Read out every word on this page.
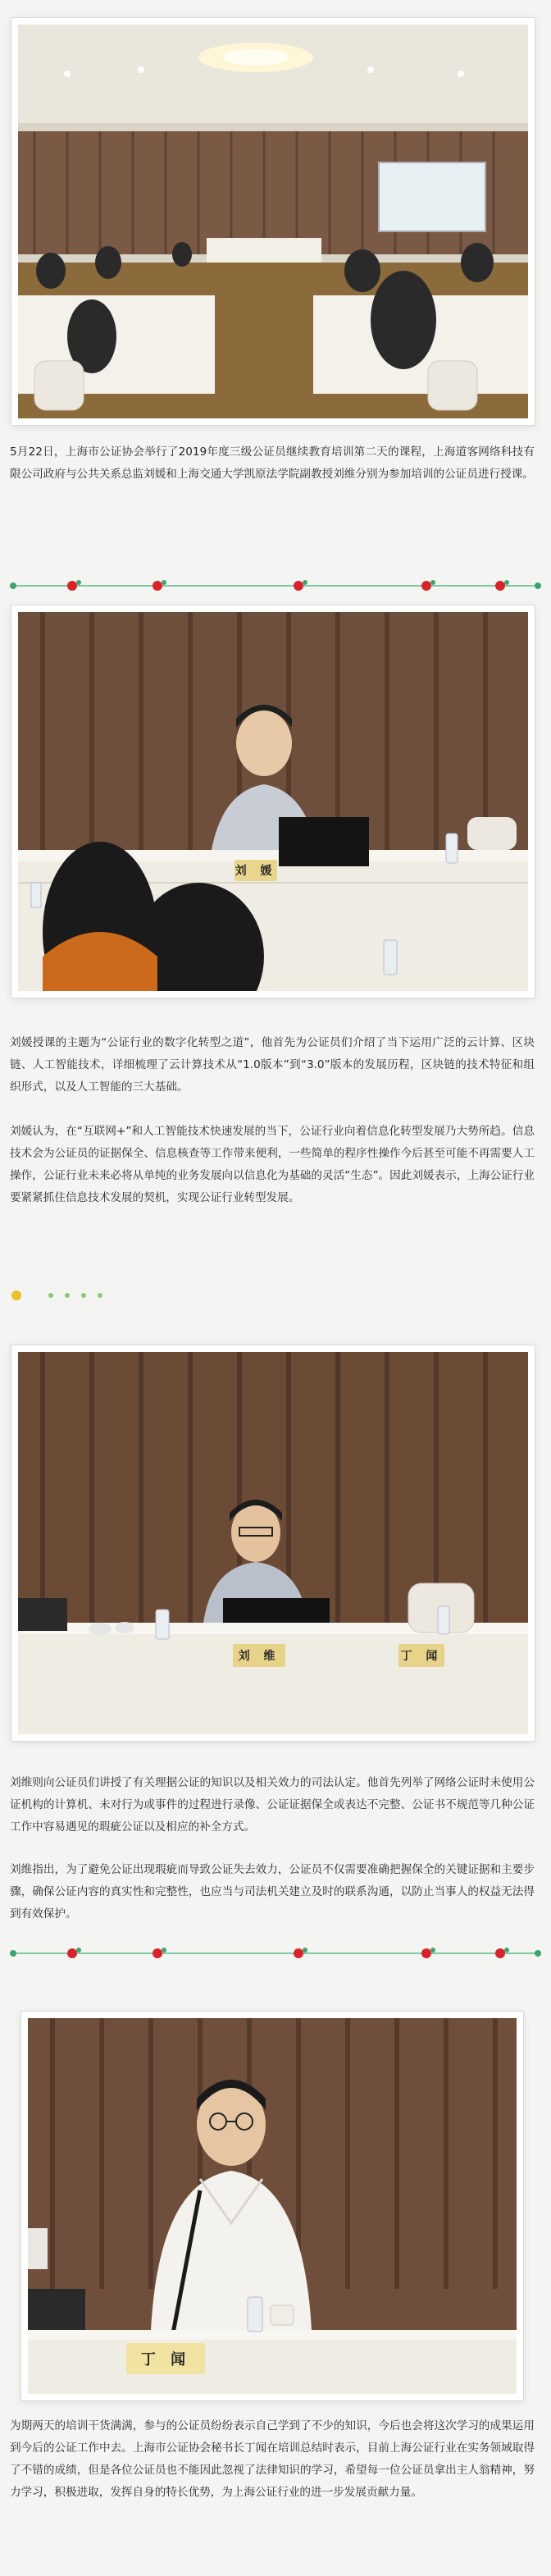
5月22日，上海市公证协会举行了2019年度三级公证员继续教育培训第二天的课程，上海道客网络科技有限公司政府与公共关系总监刘媛和上海交通大学凯原法学院副教授刘维分别为参加培训的公证员进行授课。

刘 媛

刘媛授课的主题为“公证行业的数字化转型之道”，他首先为公证员们介绍了当下运用广泛的云计算、区块链、人工智能技术，详细梳理了云计算技术从“1.0版本”到“3.0”版本的发展历程，区块链的技术特征和组织形式，以及人工智能的三大基础。

刘媛认为，在“互联网+”和人工智能技术快速发展的当下，公证行业向着信息化转型发展乃大势所趋。信息技术会为公证员的证据保全、信息核查等工作带来便利，一些简单的程序性操作今后甚至可能不再需要人工操作，公证行业未来必将从单纯的业务发展向以信息化为基础的灵活“生态”。因此刘媛表示，上海公证行业要紧紧抓住信息技术发展的契机，实现公证行业转型发展。

刘 维	丁 闻

刘维则向公证员们讲授了有关理据公证的知识以及相关效力的司法认定。他首先列举了网络公证时未使用公证机构的计算机、未对行为或事件的过程进行录像、公证证据保全或表达不完整、公证书不规范等几种公证工作中容易遇见的瑕疵公证以及相应的补全方式。

刘维指出，为了避免公证出现瑕疵而导致公证失去效力，公证员不仅需要准确把握保全的关键证据和主要步骤，确保公证内容的真实性和完整性，也应当与司法机关建立及时的联系沟通，以防止当事人的权益无法得到有效保护。

丁 闻

为期两天的培训干货满满，参与的公证员纷纷表示自己学到了不少的知识，今后也会将这次学习的成果运用到今后的公证工作中去。上海市公证协会秘书长丁闻在培训总结时表示，目前上海公证行业在实务领域取得了不错的成绩，但是各位公证员也不能因此忽视了法律知识的学习，希望每一位公证员拿出主人翁精神，努力学习，积极进取，发挥自身的特长优势，为上海公证行业的进一步发展贡献力量。
